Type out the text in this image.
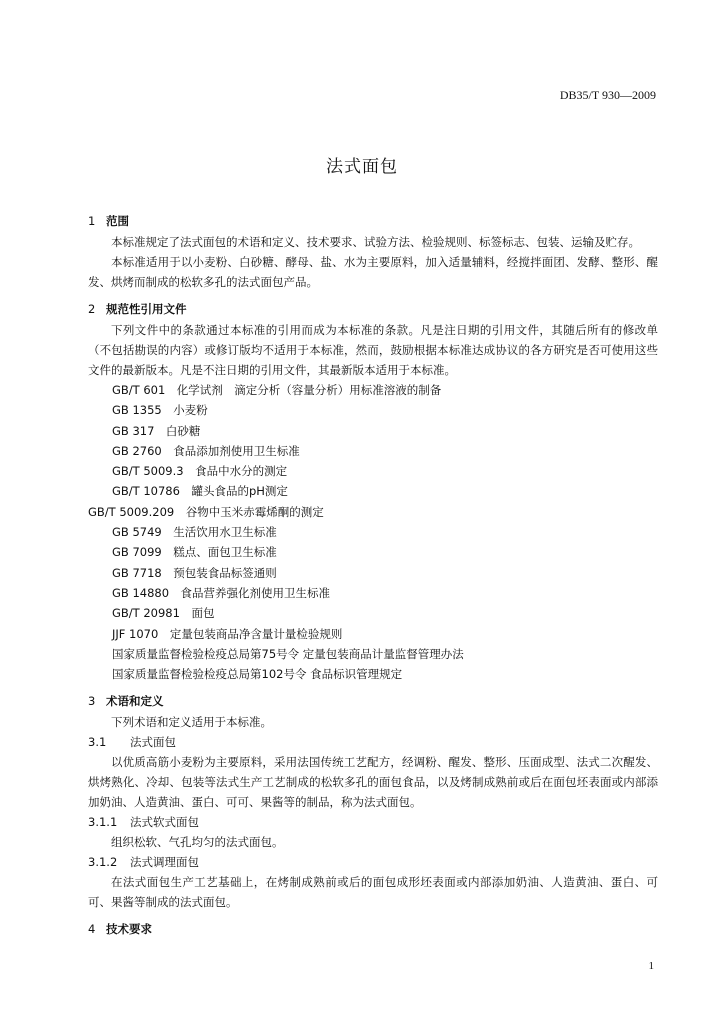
DB35/T 930—2009
法式面包

1 范围

本标准规定了法式面包的术语和定义、技术要求、试验方法、检验规则、标签标志、包装、运输及贮存。

本标准适用于以小麦粉、白砂糖、酵母、盐、水为主要原料，加入适量辅料，经搅拌面团、发酵、整形、醒发、烘烤而制成的松软多孔的法式面包产品。

2 规范性引用文件

下列文件中的条款通过本标准的引用而成为本标准的条款。凡是注日期的引用文件，其随后所有的修改单（不包括勘误的内容）或修订版均不适用于本标准，然而，鼓励根据本标准达成协议的各方研究是否可使用这些文件的最新版本。凡是不注日期的引用文件，其最新版本适用于本标准。

GB/T 601　化学试剂　滴定分析（容量分析）用标准溶液的制备

GB 1355　小麦粉

GB 317　白砂糖

GB 2760　食品添加剂使用卫生标准

GB/T 5009.3　食品中水分的测定

GB/T 10786　罐头食品的pH测定

GB/T 5009.209　谷物中玉米赤霉烯酮的测定

GB 5749　生活饮用水卫生标准

GB 7099　糕点、面包卫生标准

GB 7718　预包装食品标签通则

GB 14880　食品营养强化剂使用卫生标准

GB/T 20981　面包

JJF 1070　定量包装商品净含量计量检验规则

国家质量监督检验检疫总局第75号令 定量包装商品计量监督管理办法

国家质量监督检验检疫总局第102号令 食品标识管理规定

3 术语和定义

下列术语和定义适用于本标准。

3.1 法式面包

以优质高筋小麦粉为主要原料，采用法国传统工艺配方，经调粉、醒发、整形、压面成型、法式二次醒发、烘烤熟化、冷却、包装等法式生产工艺制成的松软多孔的面包食品，以及烤制成熟前或后在面包坯表面或内部添加奶油、人造黄油、蛋白、可可、果酱等的制品，称为法式面包。

3.1.1 法式软式面包

组织松软、气孔均匀的法式面包。

3.1.2 法式调理面包

在法式面包生产工艺基础上，在烤制成熟前或后的面包成形坯表面或内部添加奶油、人造黄油、蛋白、可可、果酱等制成的法式面包。

4 技术要求

1
